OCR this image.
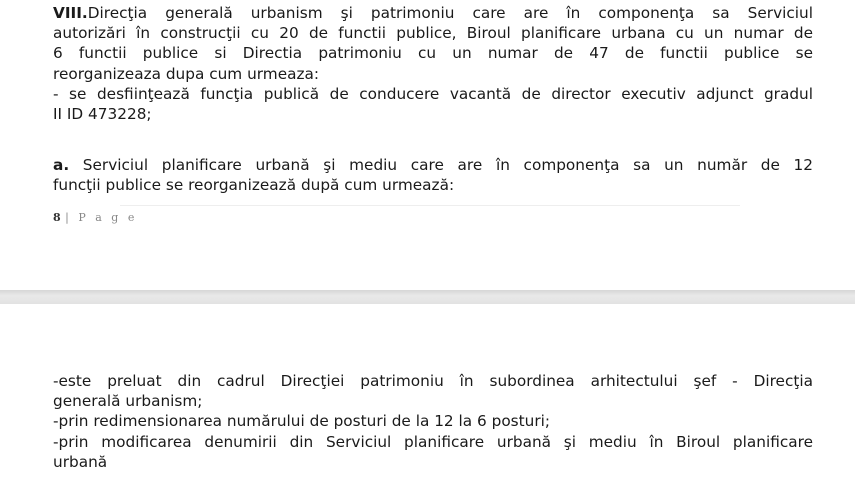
VIII.Direcţia generală urbanism şi patrimoniu care are în componenţa sa Serviciul
autorizări în construcţii cu 20 de functii publice, Biroul planificare urbana cu un numar de
6 functii publice si Directia patrimoniu cu un numar de 47 de functii publice se
reorganizeaza dupa cum urmeaza:
- se desfiinţează funcţia publică de conducere vacantă de director executiv adjunct gradul
II ID 473228;
a. Serviciul planificare urbană şi mediu care are în componenţa sa un număr de 12
funcţii publice se reorganizează după cum urmează:
8 | P a g e
-este preluat din cadrul Direcţiei patrimoniu în subordinea arhitectului şef - Direcţia
generală urbanism;
-prin redimensionarea numărului de posturi de la 12 la 6 posturi;
-prin modificarea denumirii din Serviciul planificare urbană şi mediu în Biroul planificare
urbană
